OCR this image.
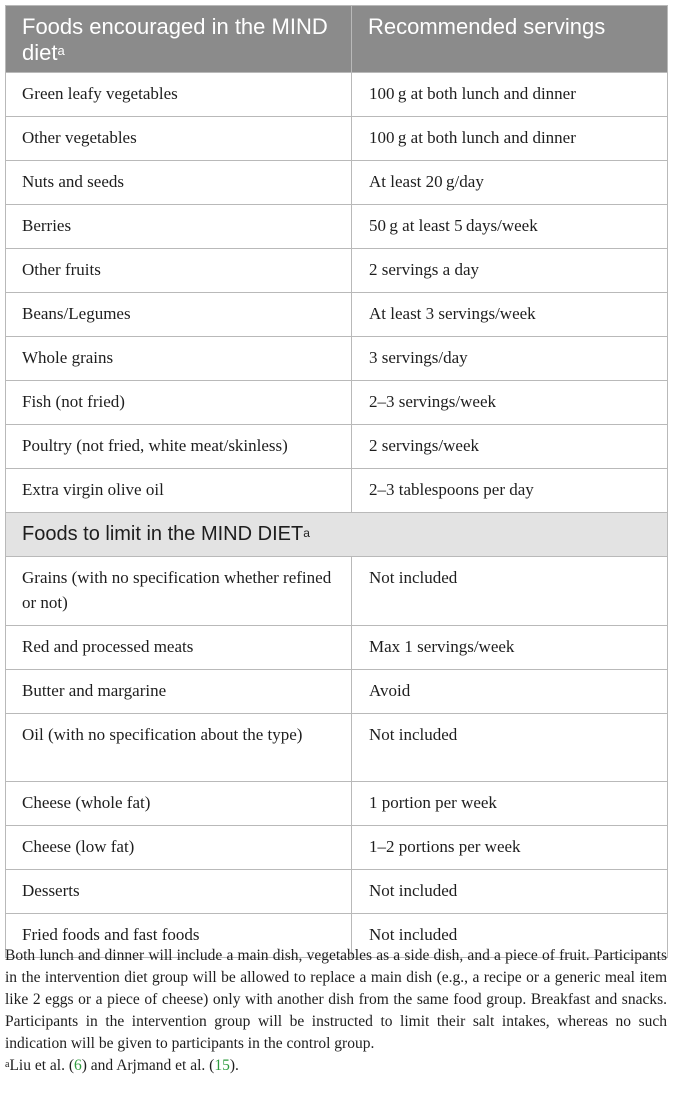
Foods encouraged in the MIND diet$^a$	Recommended servings
Green leafy vegetables	100 g at both lunch and dinner
Other vegetables	100 g at both lunch and dinner
Nuts and seeds	At least 20 g/day
Berries	50 g at least 5 days/week
Other fruits	2 servings a day
Beans/Legumes	At least 3 servings/week
Whole grains	3 servings/day
Fish (not fried)	2–3 servings/week
Poultry (not fried, white meat/skinless)	2 servings/week
Extra virgin olive oil	2–3 tablespoons per day
Foods to limit in the MIND DIET$^a$
Grains (with no specification whether refined or not)	Not included
Red and processed meats	Max 1 servings/week
Butter and margarine	Avoid
Oil (with no specification about the type)	Not included
Cheese (whole fat)	1 portion per week
Cheese (low fat)	1–2 portions per week
Desserts	Not included
Fried foods and fast foods	Not included

Both lunch and dinner will include a main dish, vegetables as a side dish, and a piece of fruit. Participants in the intervention diet group will be allowed to replace a main dish (e.g., a recipe or a generic meal item like 2 eggs or a piece of cheese) only with another dish from the same food group. Breakfast and snacks. Participants in the intervention group will be instructed to limit their salt intakes, whereas no such indication will be given to participants in the control group.

$^a$Liu et al. (6) and Arjmand et al. (15).
